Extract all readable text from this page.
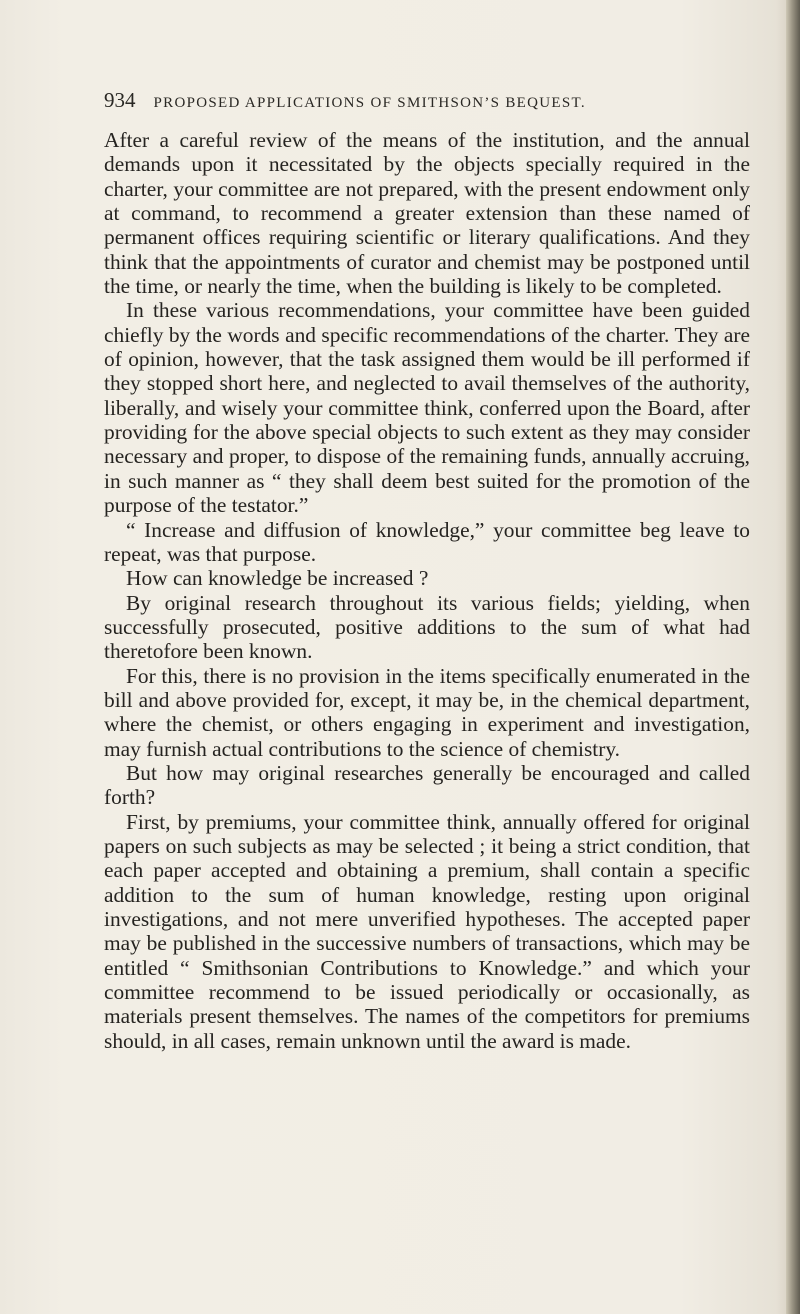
934 PROPOSED APPLICATIONS OF SMITHSON’S BEQUEST.

After a careful review of the means of the institution, and the annual demands upon it necessitated by the objects specially required in the charter, your committee are not prepared, with the present endowment only at command, to recommend a greater extension than these named of permanent offices requiring scientific or literary qualifications. And they think that the appointments of curator and chemist may be postponed until the time, or nearly the time, when the building is likely to be completed.

In these various recommendations, your committee have been guided chiefly by the words and specific recommendations of the charter. They are of opinion, however, that the task assigned them would be ill performed if they stopped short here, and neglected to avail themselves of the authority, liberally, and wisely your committee think, conferred upon the Board, after providing for the above special objects to such extent as they may consider necessary and proper, to dispose of the remaining funds, annually accruing, in such manner as “ they shall deem best suited for the promotion of the purpose of the testator.”

“ Increase and diffusion of knowledge,” your committee beg leave to repeat, was that purpose.

How can knowledge be increased ?

By original research throughout its various fields; yielding, when successfully prosecuted, positive additions to the sum of what had theretofore been known.

For this, there is no provision in the items specifically enumerated in the bill and above provided for, except, it may be, in the chemical department, where the chemist, or others engaging in experiment and investigation, may furnish actual contributions to the science of chemistry.

But how may original researches generally be encouraged and called forth?

First, by premiums, your committee think, annually offered for original papers on such subjects as may be selected ; it being a strict condition, that each paper accepted and obtaining a premium, shall contain a specific addition to the sum of human knowledge, resting upon original investigations, and not mere unverified hypotheses. The accepted paper may be published in the successive numbers of transactions, which may be entitled “ Smithsonian Contributions to Knowledge.” and which your committee recommend to be issued periodically or occasionally, as materials present themselves. The names of the competitors for premiums should, in all cases, remain unknown until the award is made.
